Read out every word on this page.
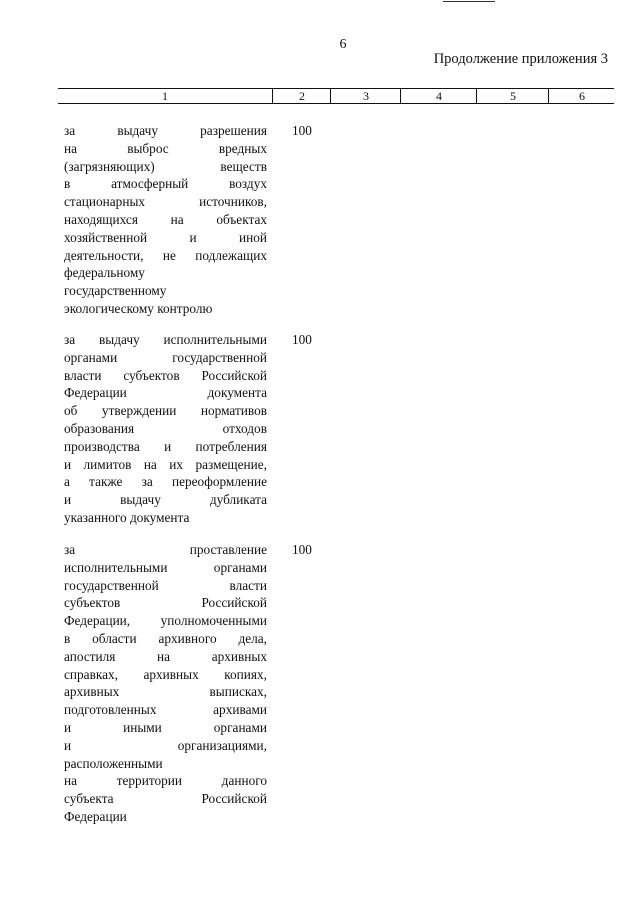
6
Продолжение приложения 3
1	2	3	4	5	6
за выдачу разрешения
на выброс вредных
(загрязняющих) веществ
в атмосферный воздух
стационарных источников,
находящихся на объектах
хозяйственной и иной
деятельности, не подлежащих
федеральному
государственному
экологическому контролю
100
за выдачу исполнительными
органами государственной
власти субъектов Российской
Федерации документа
об утверждении нормативов
образования отходов
производства и потребления
и лимитов на их размещение,
а также за переоформление
и выдачу дубликата
указанного документа
100
за проставление
исполнительными органами
государственной власти
субъектов Российской
Федерации, уполномоченными
в области архивного дела,
апостиля на архивных
справках, архивных копиях,
архивных выписках,
подготовленных архивами
и иными органами
и организациями,
расположенными
на территории данного
субъекта Российской
Федерации
100
